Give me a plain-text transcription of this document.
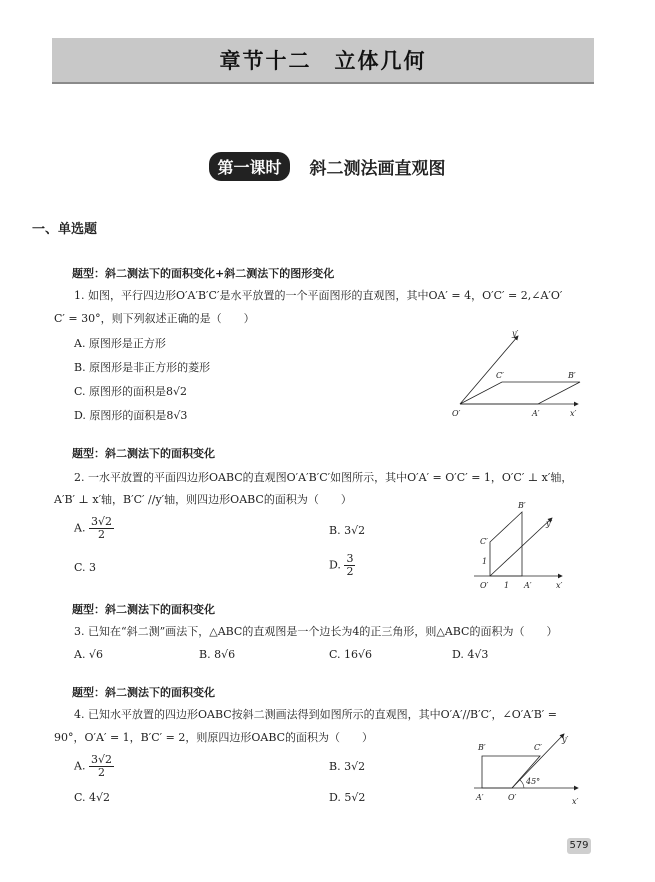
章节十二　立体几何
第一课时	斜二测法画直观图
一、单选题
题型：斜二测法下的面积变化+斜二测法下的图形变化
1. 如图，平行四边形O′A′B′C′是水平放置的一个平面图形的直观图，其中OA′ = 4，O′C′ = 2,∠A′O′
C′ = 30°，则下列叙述正确的是（　　）
A. 原图形是正方形
B. 原图形是非正方形的菱形
C. 原图形的面积是8√2
D. 原图形的面积是8√3
y′
C′	B′
O′	A′	x′
题型：斜二测法下的面积变化
2. 一水平放置的平面四边形OABC的直观图O′A′B′C′如图所示，其中O′A′ = O′C′ = 1，O′C′ ⊥ x′轴，
A′B′ ⊥ x′轴，B′C′ //y′轴，则四边形OABC的面积为（　　）
A. $\frac{3√2}{2}$	B. 3√2
C. 3	D. $\frac{3}{2}$
B′
y′
C′
1
O′ 1 A′	x′
题型：斜二测法下的面积变化
3. 已知在“斜二测”画法下，△ABC的直观图是一个边长为4的正三角形，则△ABC的面积为（　　）
A. √6	B. 8√6	C. 16√6	D. 4√3
题型：斜二测法下的面积变化
4. 已知水平放置的四边形OABC按斜二测画法得到如图所示的直观图，其中O′A′//B′C′，∠O′A′B′ =
90°，O′A′ = 1，B′C′ = 2，则原四边形OABC的面积为（　　）
A. $\frac{3√2}{2}$	B. 3√2
C. 4√2	D. 5√2
B′	C′
y′
45°
A′	O′	x′
579
